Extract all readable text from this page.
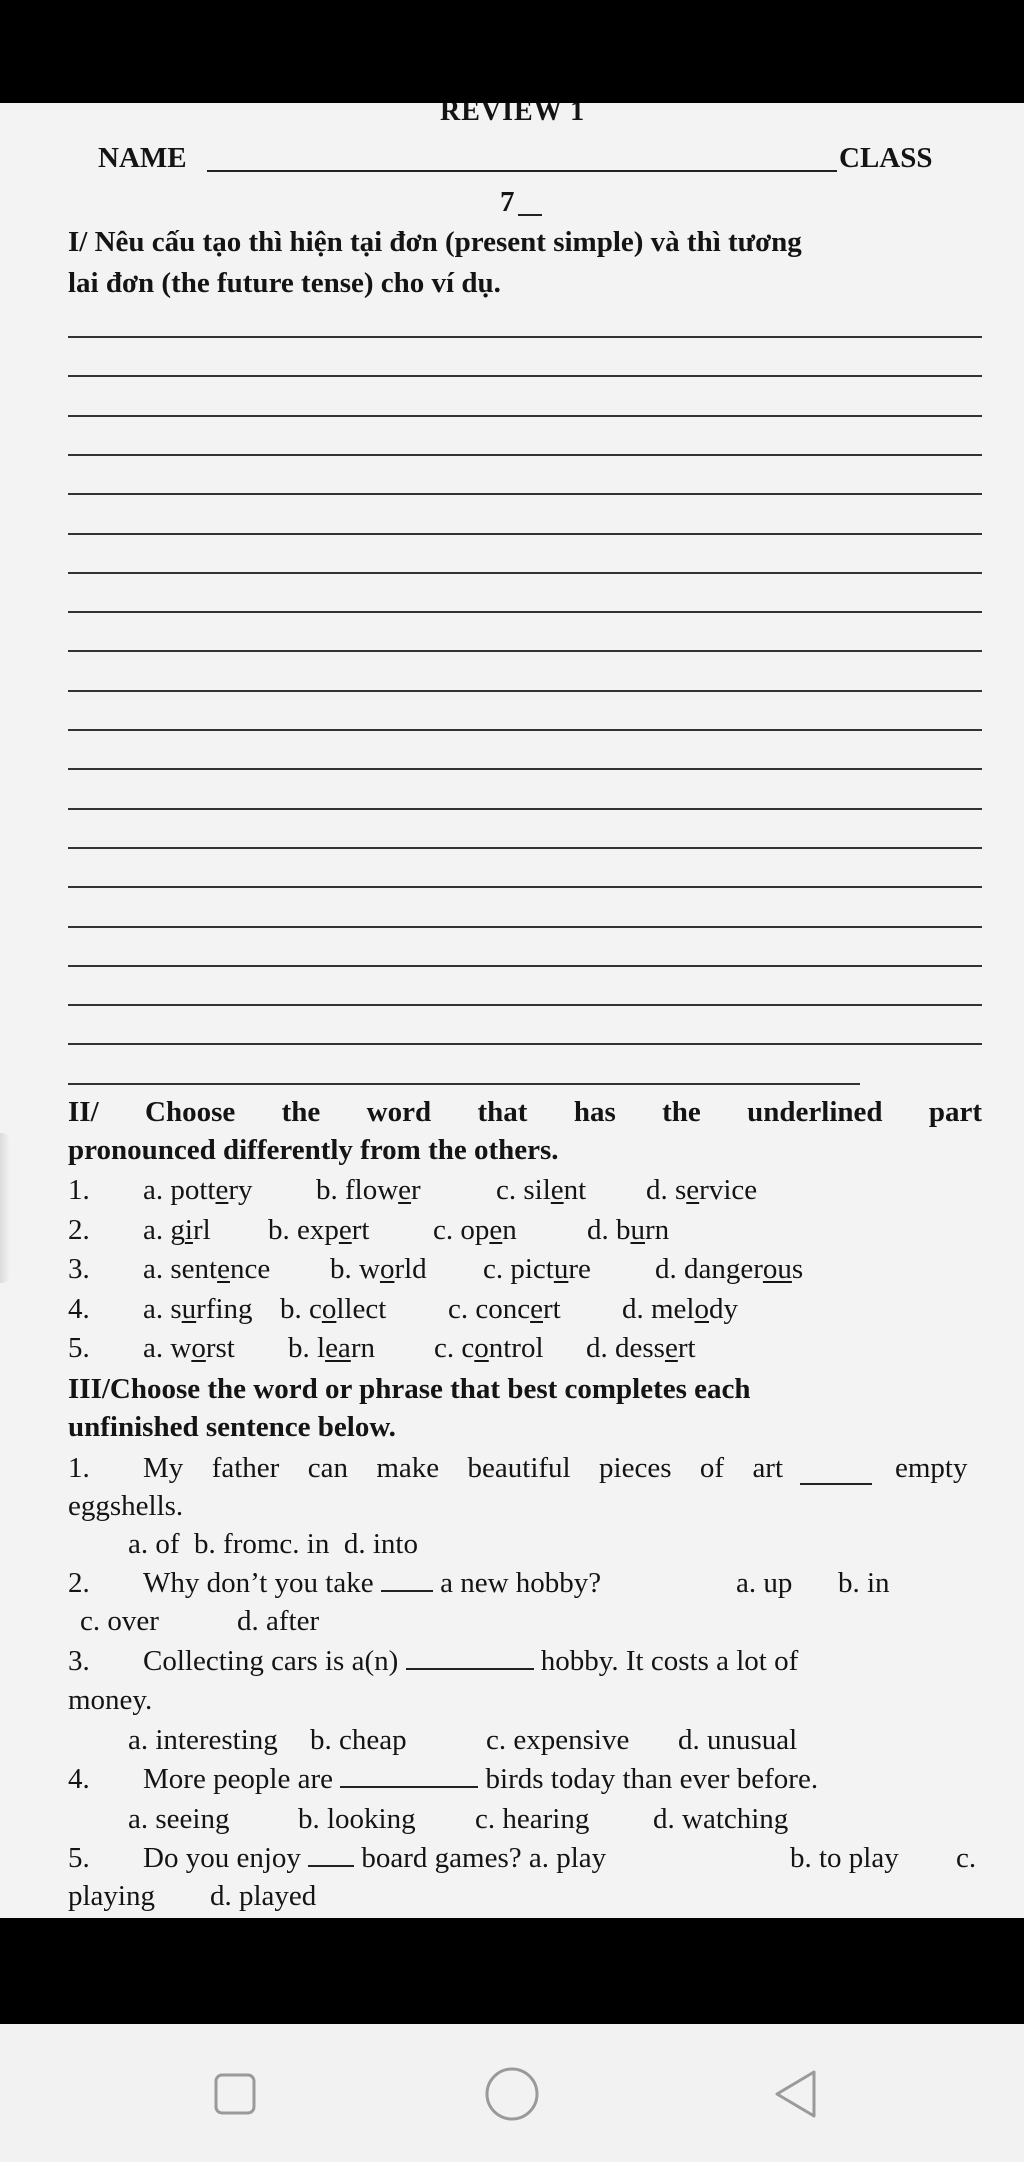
REVIEW 1
NAME	CLASS
7
I/ Nêu cấu tạo thì hiện tại đơn (present simple) và thì tương
lai đơn (the future tense) cho ví dụ.
II/ Choose the word that has the underlined part
pronounced differently from the others.
1. a. pottery b. flower	c. silent d. service
2. a. girl b. expert c. open d. burn
3. a. sentence b. world c. picture d. dangerous
4. a. surfing b. collect c. concert d. melody
5. a. worst b. learn c. control d. dessert
III/Choose the word or phrase that best completes each
unfinished sentence below.
1. My father can make beautiful pieces of art	empty
eggshells.
a. of b. fromc. in d. into
2. Why don’t you take a new hobby?	a. up b. in
c. over	d. after
3. Collecting cars is a(n)	hobby. It costs a lot of
money.
a. interesting b. cheap	c. expensive d. unusual
4. More people are	birds today than ever before.
a. seeing b. looking c. hearing d. watching
5. Do you enjoy board games? a. play	b. to play c.
playing d. played
